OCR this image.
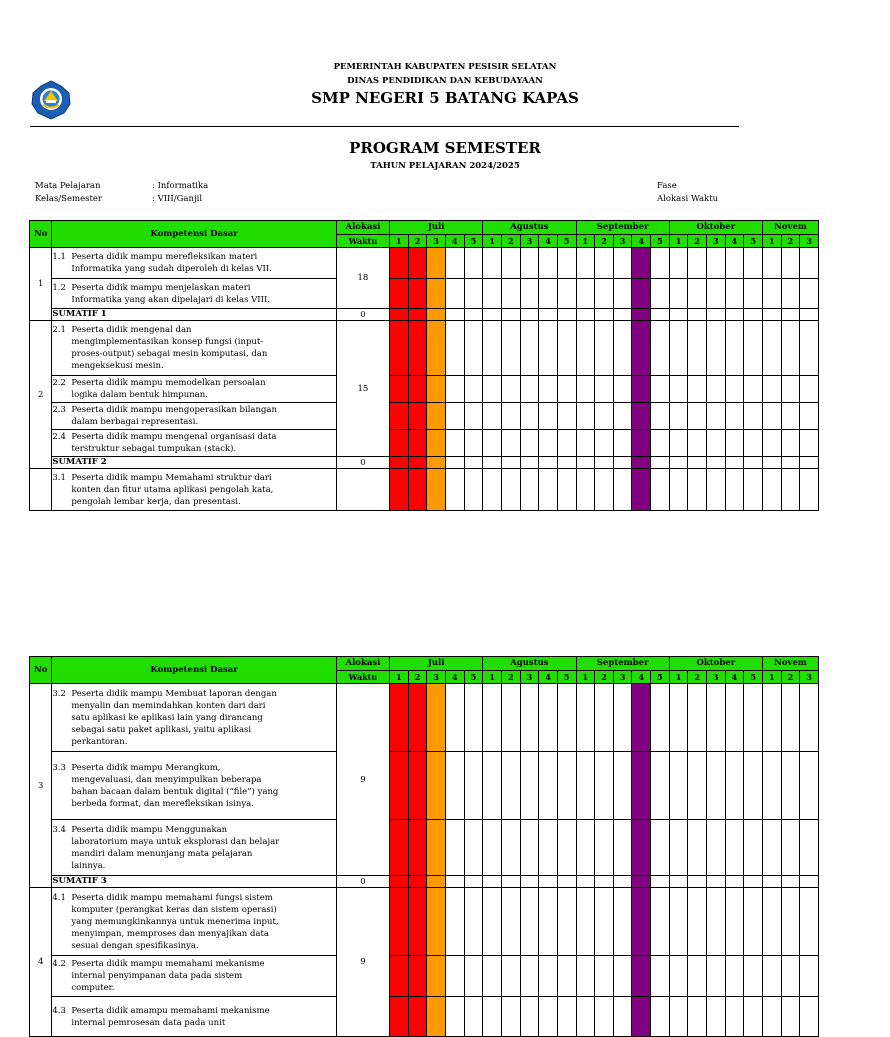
PEMERINTAH KABUPATEN PESISIR SELATAN
DINAS PENDIDIKAN DAN KEBUDAYAAN
SMP NEGERI 5 BATANG KAPAS
PROGRAM SEMESTER
TAHUN PELAJARAN 2024/2025
Mata Pelajaran	: Informatika
Kelas/Semester	: VIII/Ganjil
Fase
Alokasi Waktu
No	Kompetensi Dasar	Alokasi	Juli					Agustus					September					Oktober					Novem		
		Waktu	1	2	3	4	5	1	2	3	4	5	1	2	3	4	5	1	2	3	4	5	1	2	3
1	1.1 Peserta didik mampu merefleksikan materi Informatika yang sudah diperoleh di kelas VII.	18																							
	1.2 Peserta didik mampu menjelaskan materi Informatika yang akan dipelajari di kelas VIII.																								
	SUMATIF 1	0																							
2	2.1 Peserta didik mengenal dan mengimplementasikan konsep fungsi (input-proses-output) sebagai mesin komputasi, dan mengeksekusi mesin.	15																							
	2.2 Peserta didik mampu memodelkan persoalan logika dalam bentuk himpunan.																								
	2.3 Peserta didik mampu mengoperasikan bilangan dalam berbagai representasi.																								
	2.4 Peserta didik mampu mengenal organisasi data terstruktur sebagai tumpukan (stack).																								
	SUMATIF 2	0																							
	3.1 Peserta didik mampu Memahami struktur dari konten dan fitur utama aplikasi pengolah kata, pengolah lembar kerja, dan presentasi.																								
No	Kompetensi Dasar	Alokasi	Juli					Agustus					September					Oktober					Novem		
		Waktu	1	2	3	4	5	1	2	3	4	5	1	2	3	4	5	1	2	3	4	5	1	2	3
3	3.2 Peserta didik mampu Membuat laporan dengan menyalin dan memindahkan konten dari dari satu aplikasi ke aplikasi lain yang dirancang sebagai satu paket aplikasi, yaitu aplikasi perkantoran.	9																							
	3.3 Peserta didik mampu Merangkum, mengevaluasi, dan menyimpulkan beberapa bahan bacaan dalam bentuk digital (“file”) yang berbeda format, dan merefleksikan isinya.																								
	3.4 Peserta didik mampu Menggunakan laboratorium maya untuk eksplorasi dan belajar mandiri dalam menunjang mata pelajaran lainnya.																								
	SUMATIF 3	0																							
4	4.1 Peserta didik mampu memahami fungsi sistem komputer (perangkat keras dan sistem operasi) yang memungkinkannya untuk menerima input, menyimpan, memproses dan menyajikan data sesuai dengan spesifikasinya.	9																							
	4.2 Peserta didik mampu memahami mekanisme internal penyimpanan data pada sistem computer.																								
	4.3 Peserta didik amampu memahami mekanisme internal pemrosesan data pada unit																								
